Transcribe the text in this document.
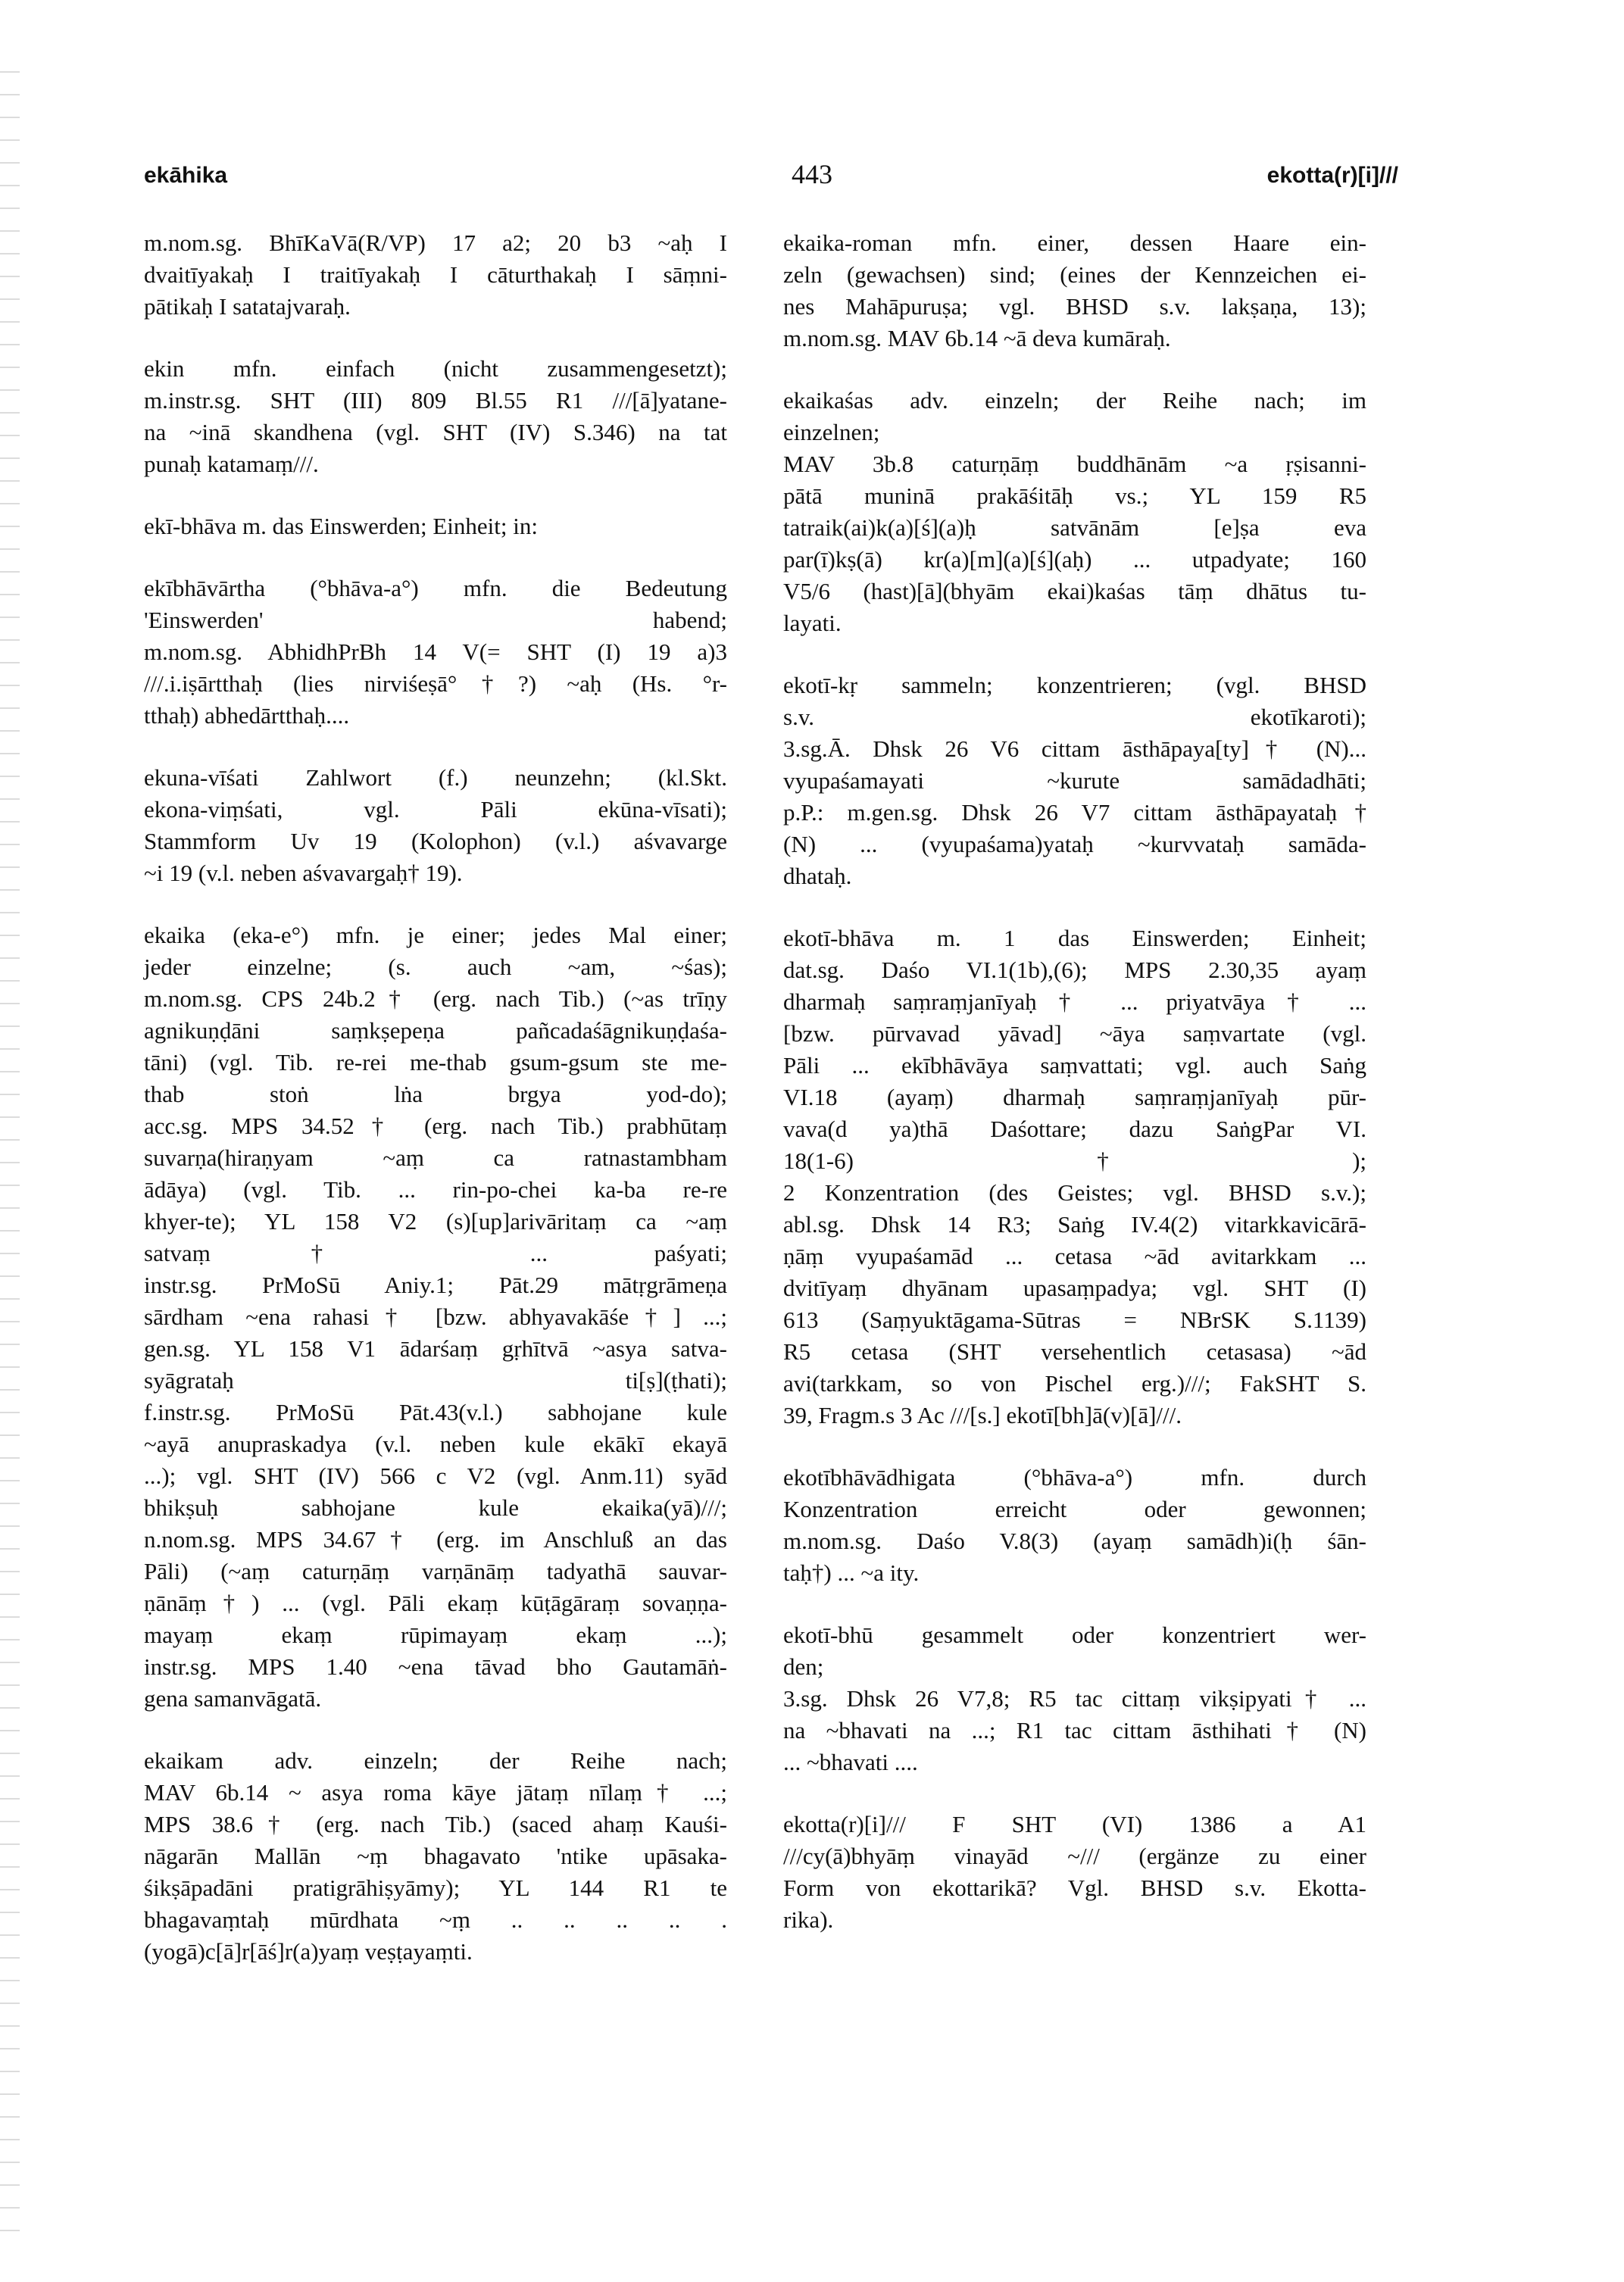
ekāhika	443	ekotta(r)[i]///
m.nom.sg. BhīKaVā(R/VP) 17 a2; 20 b3 ~aḥ I
dvaitīyakaḥ I traitīyakaḥ I cāturthakaḥ I sāṃni-
pātikaḥ I satatajvaraḥ.
ekin mfn. einfach (nicht zusammengesetzt);
m.instr.sg. SHT (III) 809 Bl.55 R1 ///[ā]yatane-
na ~inā skandhena (vgl. SHT (IV) S.346) na tat
punaḥ katamaṃ///.
ekī-bhāva m. das Einswerden; Einheit; in:
ekībhāvārtha (°bhāva-a°) mfn. die Bedeutung
'Einswerden' habend;
m.nom.sg. AbhidhPrBh 14 V(= SHT (I) 19 a)3
///.i.iṣārtthaḥ (lies nirviśeṣā°†?) ~aḥ (Hs. °r-
tthaḥ) abhedārtthaḥ....
ekuna-vīśati Zahlwort (f.) neunzehn; (kl.Skt.
ekona-viṃśati, vgl. Pāli ekūna-vīsati);
Stammform Uv 19 (Kolophon) (v.l.) aśvavarge
~i 19 (v.l. neben aśvavargaḥ† 19).
ekaika (eka-e°) mfn. je einer; jedes Mal einer;
jeder einzelne; (s. auch ~am, ~śas);
m.nom.sg. CPS 24b.2† (erg. nach Tib.) (~as trīṇy
agnikuṇḍāni saṃkṣepeṇa pañcadaśāgnikuṇḍaśa-
tāni) (vgl. Tib. re-rei me-thab gsum-gsum ste me-
thab stoṅ lṅa brgya yod-do);
acc.sg. MPS 34.52† (erg. nach Tib.) prabhūtaṃ
suvarṇa(hiraṇyam ~aṃ ca ratnastambham
ādāya) (vgl. Tib. ... rin-po-chei ka-ba re-re
khyer-te); YL 158 V2 (s)[up]arivāritaṃ ca ~aṃ
satvaṃ† ... paśyati;
instr.sg. PrMoSū Aniy.1; Pāt.29 mātṛgrāmeṇa
sārdham ~ena rahasi† [bzw. abhyavakāśe†] ...;
gen.sg. YL 158 V1 ādarśaṃ gṛhītvā ~asya satva-
syāgrataḥ ti[ṣ](ṭhati);
f.instr.sg. PrMoSū Pāt.43(v.l.) sabhojane kule
~ayā anupraskadya (v.l. neben kule ekākī ekayā
...); vgl. SHT (IV) 566 c V2 (vgl. Anm.11) syād
bhikṣuḥ sabhojane kule ekaika(yā)///;
n.nom.sg. MPS 34.67† (erg. im Anschluß an das
Pāli) (~aṃ caturṇāṃ varṇānāṃ tadyathā sauvar-
ṇānāṃ†) ... (vgl. Pāli ekaṃ kūṭāgāraṃ sovaṇṇa-
mayaṃ ekaṃ rūpimayaṃ ekaṃ ...);
instr.sg. MPS 1.40 ~ena tāvad bho Gautamāṅ-
gena samanvāgatā.
ekaikam adv. einzeln; der Reihe nach;
MAV 6b.14 ~ asya roma kāye jātaṃ nīlaṃ† ...;
MPS 38.6† (erg. nach Tib.) (saced ahaṃ Kauśi-
nāgarān Mallān ~ṃ bhagavato 'ntike upāsaka-
śikṣāpadāni pratigrāhiṣyāmy); YL 144 R1 te
bhagavaṃtaḥ mūrdhata ~ṃ .. .. .. .. .
(yogā)c[ā]r[āś]r(a)yaṃ veṣṭayaṃti.
ekaika-roman mfn. einer, dessen Haare ein-
zeln (gewachsen) sind; (eines der Kennzeichen ei-
nes Mahāpuruṣa; vgl. BHSD s.v. lakṣaṇa, 13);
m.nom.sg. MAV 6b.14 ~ā deva kumāraḥ.
ekaikaśas adv. einzeln; der Reihe nach; im
einzelnen;
MAV 3b.8 caturṇāṃ buddhānām ~a ṛṣisanni-
pātā muninā prakāśitāḥ vs.; YL 159 R5
tatraik(ai)k(a)[ś](a)ḥ satvānām [e]ṣa eva
par(ī)kṣ(ā) kr(a)[m](a)[ś](aḥ) ... utpadyate; 160
V5/6 (hast)[ā](bhyām ekai)kaśas tāṃ dhātus tu-
layati.
ekotī-kṛ sammeln; konzentrieren; (vgl. BHSD
s.v. ekotīkaroti);
3.sg.Ā. Dhsk 26 V6 cittam āsthāpaya[ty]† (N)...
vyupaśamayati ~kurute samādadhāti;
p.P.: m.gen.sg. Dhsk 26 V7 cittam āsthāpayataḥ†
(N) ... (vyupaśama)yataḥ ~kurvvataḥ samāda-
dhataḥ.
ekotī-bhāva m. 1 das Einswerden; Einheit;
dat.sg. Daśo VI.1(1b),(6); MPS 2.30,35 ayaṃ
dharmaḥ saṃraṃjanīyaḥ† ... priyatvāya† ...
[bzw. pūrvavad yāvad] ~āya saṃvartate (vgl.
Pāli ... ekībhāvāya saṃvattati; vgl. auch Saṅg
VI.18 (ayaṃ) dharmaḥ saṃraṃjanīyaḥ pūr-
vava(d ya)thā Daśottare; dazu SaṅgPar VI.
18(1-6)†);
2 Konzentration (des Geistes; vgl. BHSD s.v.);
abl.sg. Dhsk 14 R3; Saṅg IV.4(2) vitarkkavicārā-
ṇāṃ vyupaśamād ... cetasa ~ād avitarkkam ...
dvitīyaṃ dhyānam upasaṃpadya; vgl. SHT (I)
613 (Saṃyuktāgama-Sūtras = NBrSK S.1139)
R5 cetasa (SHT versehentlich cetasasa) ~ād
avi(tarkkam, so von Pischel erg.)///; FakSHT S.
39, Fragm.s 3 Ac ///[s.] ekotī[bh]ā(v)[ā]///.
ekotībhāvādhigata (°bhāva-a°) mfn. durch
Konzentration erreicht oder gewonnen;
m.nom.sg. Daśo V.8(3) (ayaṃ samādh)i(ḥ śān-
taḥ†) ... ~a ity.
ekotī-bhū gesammelt oder konzentriert wer-
den;
3.sg. Dhsk 26 V7,8; R5 tac cittaṃ vikṣipyati† ...
na ~bhavati na ...; R1 tac cittam āsthihati† (N)
... ~bhavati ....
ekotta(r)[i]/// F SHT (VI) 1386 a A1
///cy(ā)bhyāṃ vinayād ~/// (ergänze zu einer
Form von ekottarikā? Vgl. BHSD s.v. Ekotta-
rika).
